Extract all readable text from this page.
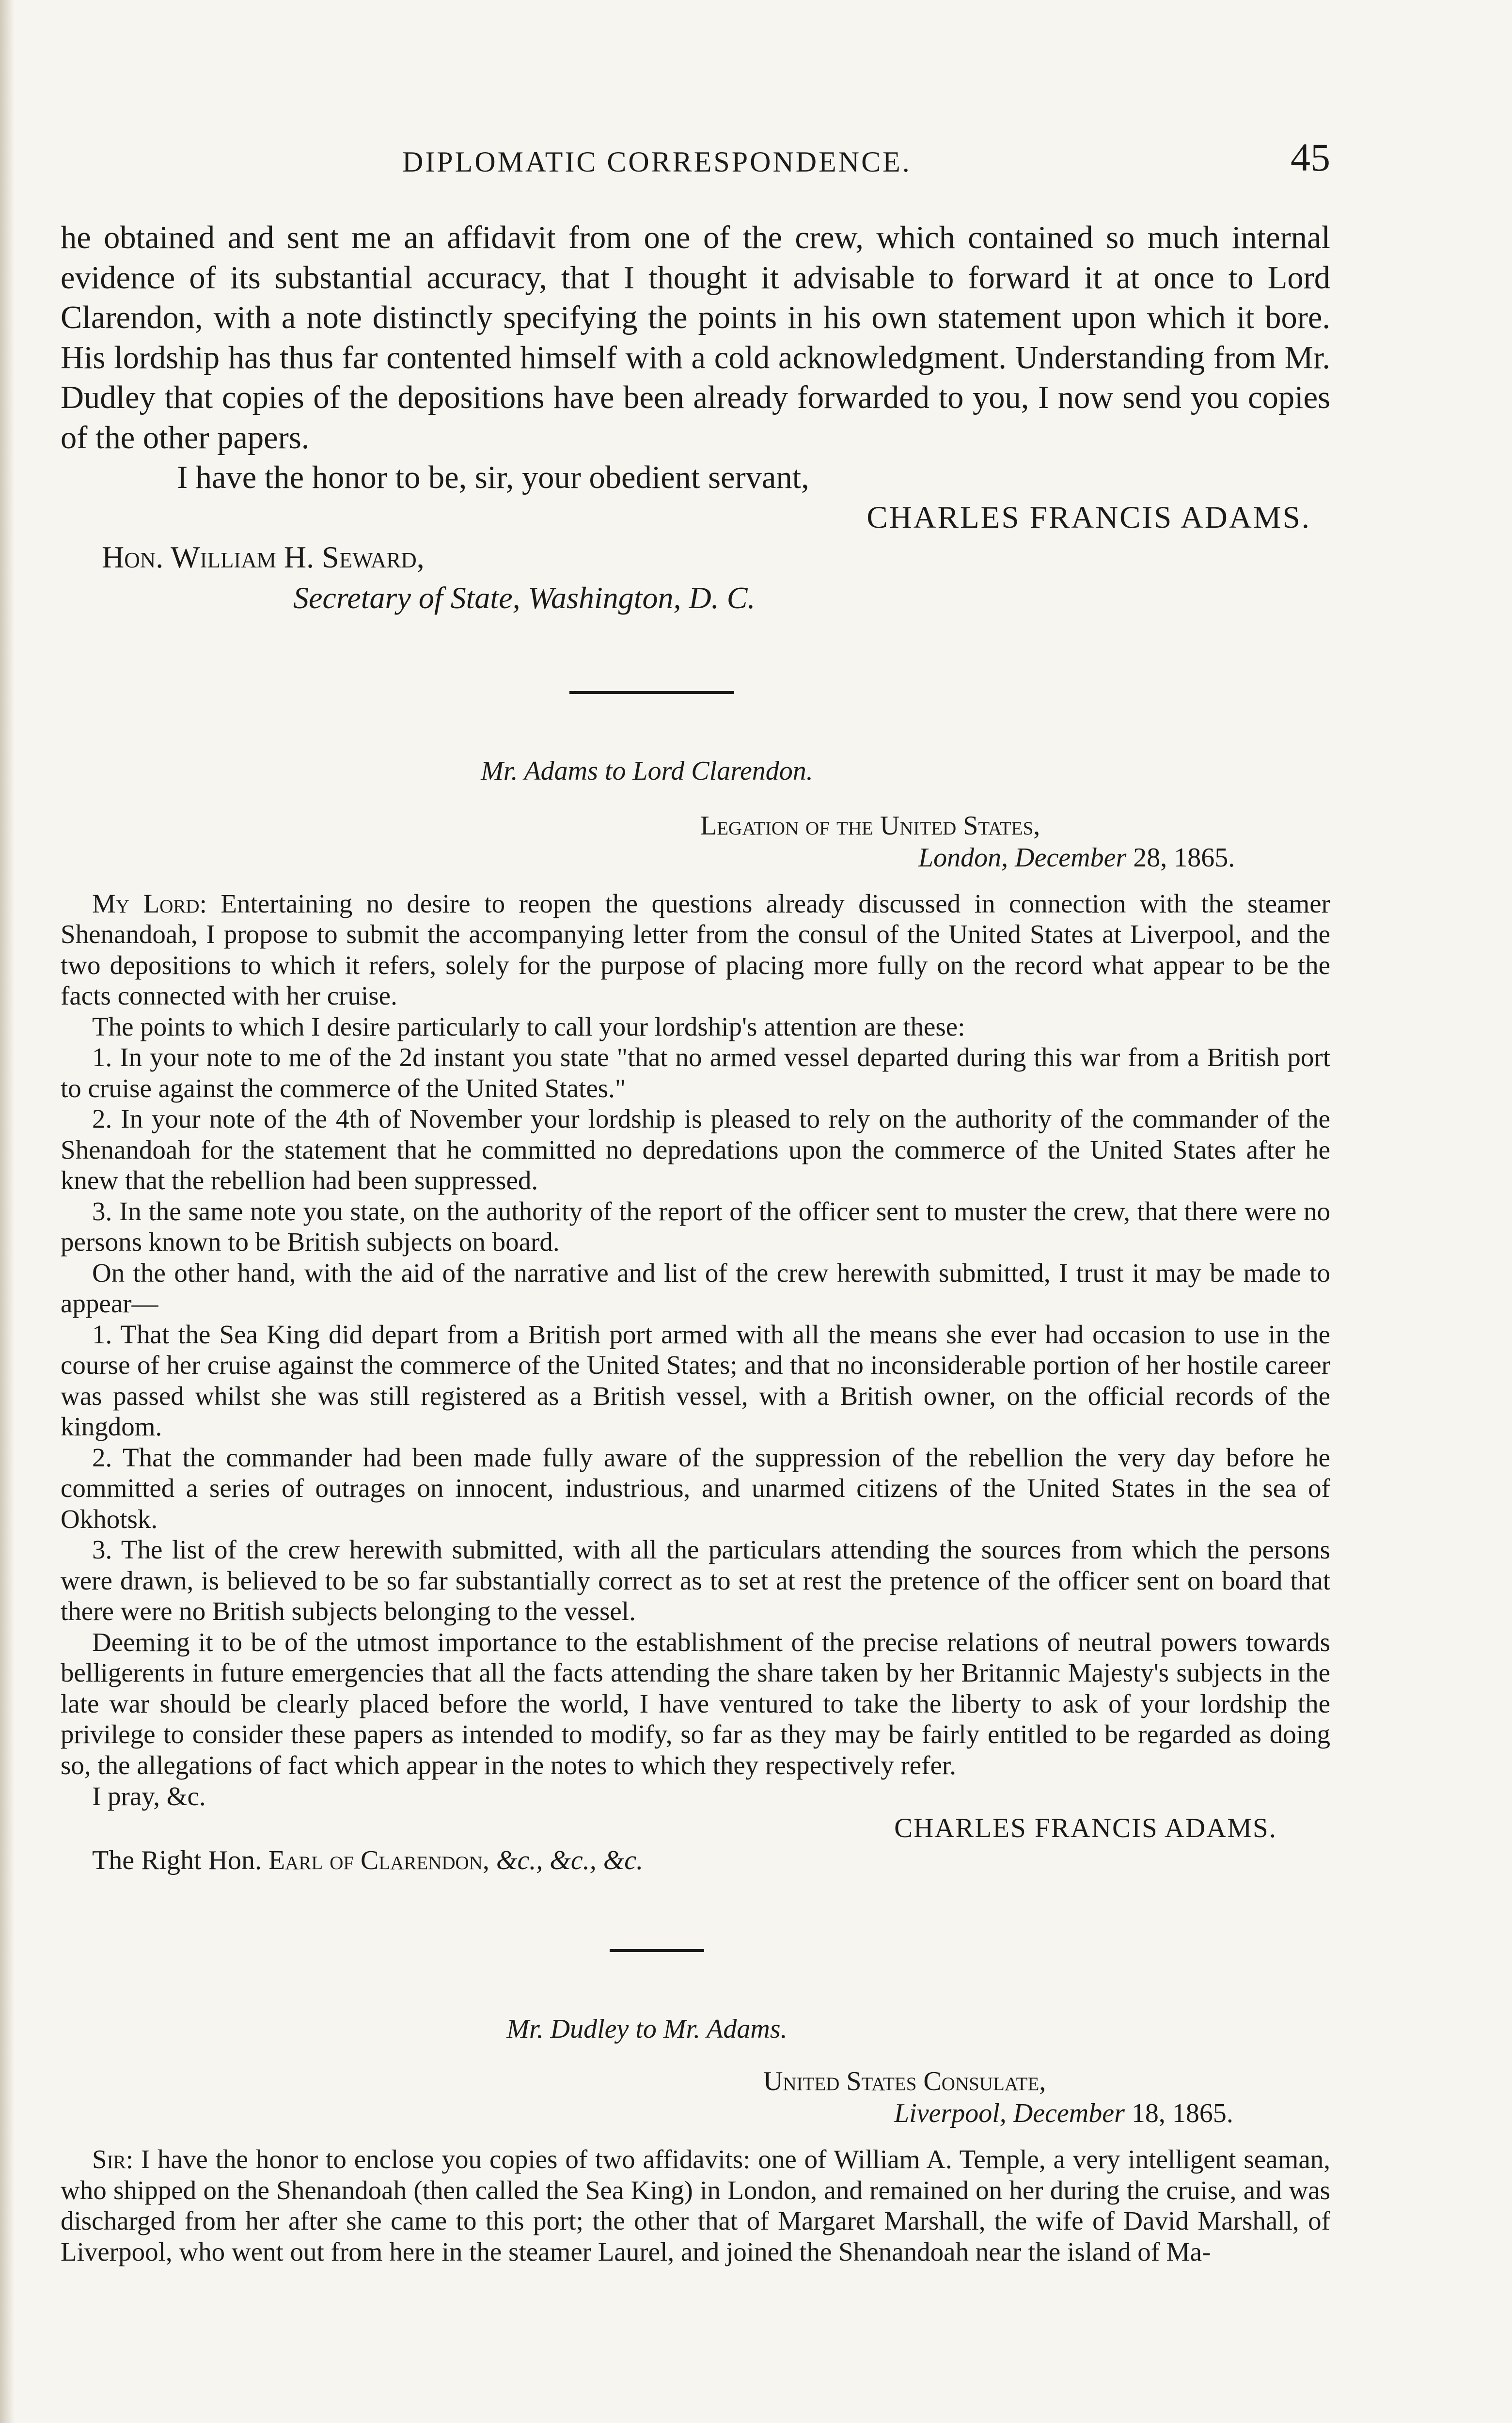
DIPLOMATIC CORRESPONDENCE.	45

he obtained and sent me an affidavit from one of the crew, which contained so much internal evidence of its substantial accuracy, that I thought it advisable to forward it at once to Lord Clarendon, with a note distinctly specifying the points in his own statement upon which it bore. His lordship has thus far contented himself with a cold acknowledgment. Understanding from Mr. Dudley that copies of the depositions have been already forwarded to you, I now send you copies of the other papers.

I have the honor to be, sir, your obedient servant,

CHARLES FRANCIS ADAMS.

Hon. William H. Seward,

Secretary of State, Washington, D. C.

Mr. Adams to Lord Clarendon.

Legation of the United States,
London, December 28, 1865.

My Lord: Entertaining no desire to reopen the questions already discussed in connection with the steamer Shenandoah, I propose to submit the accompanying letter from the consul of the United States at Liverpool, and the two depositions to which it refers, solely for the purpose of placing more fully on the record what appear to be the facts connected with her cruise.

The points to which I desire particularly to call your lordship's attention are these:

1. In your note to me of the 2d instant you state "that no armed vessel departed during this war from a British port to cruise against the commerce of the United States."

2. In your note of the 4th of November your lordship is pleased to rely on the authority of the commander of the Shenandoah for the statement that he committed no depredations upon the commerce of the United States after he knew that the rebellion had been suppressed.

3. In the same note you state, on the authority of the report of the officer sent to muster the crew, that there were no persons known to be British subjects on board.

On the other hand, with the aid of the narrative and list of the crew herewith submitted, I trust it may be made to appear—

1. That the Sea King did depart from a British port armed with all the means she ever had occasion to use in the course of her cruise against the commerce of the United States; and that no inconsiderable portion of her hostile career was passed whilst she was still registered as a British vessel, with a British owner, on the official records of the kingdom.

2. That the commander had been made fully aware of the suppression of the rebellion the very day before he committed a series of outrages on innocent, industrious, and unarmed citizens of the United States in the sea of Okhotsk.

3. The list of the crew herewith submitted, with all the particulars attending the sources from which the persons were drawn, is believed to be so far substantially correct as to set at rest the pretence of the officer sent on board that there were no British subjects belonging to the vessel.

Deeming it to be of the utmost importance to the establishment of the precise relations of neutral powers towards belligerents in future emergencies that all the facts attending the share taken by her Britannic Majesty's subjects in the late war should be clearly placed before the world, I have ventured to take the liberty to ask of your lordship the privilege to consider these papers as intended to modify, so far as they may be fairly entitled to be regarded as doing so, the allegations of fact which appear in the notes to which they respectively refer.

I pray, &c.

CHARLES FRANCIS ADAMS.

The Right Hon. Earl of Clarendon, &c., &c., &c.

Mr. Dudley to Mr. Adams.

United States Consulate,
Liverpool, December 18, 1865.

Sir: I have the honor to enclose you copies of two affidavits: one of William A. Temple, a very intelligent seaman, who shipped on the Shenandoah (then called the Sea King) in London, and remained on her during the cruise, and was discharged from her after she came to this port; the other that of Margaret Marshall, the wife of David Marshall, of Liverpool, who went out from here in the steamer Laurel, and joined the Shenandoah near the island of Ma-
